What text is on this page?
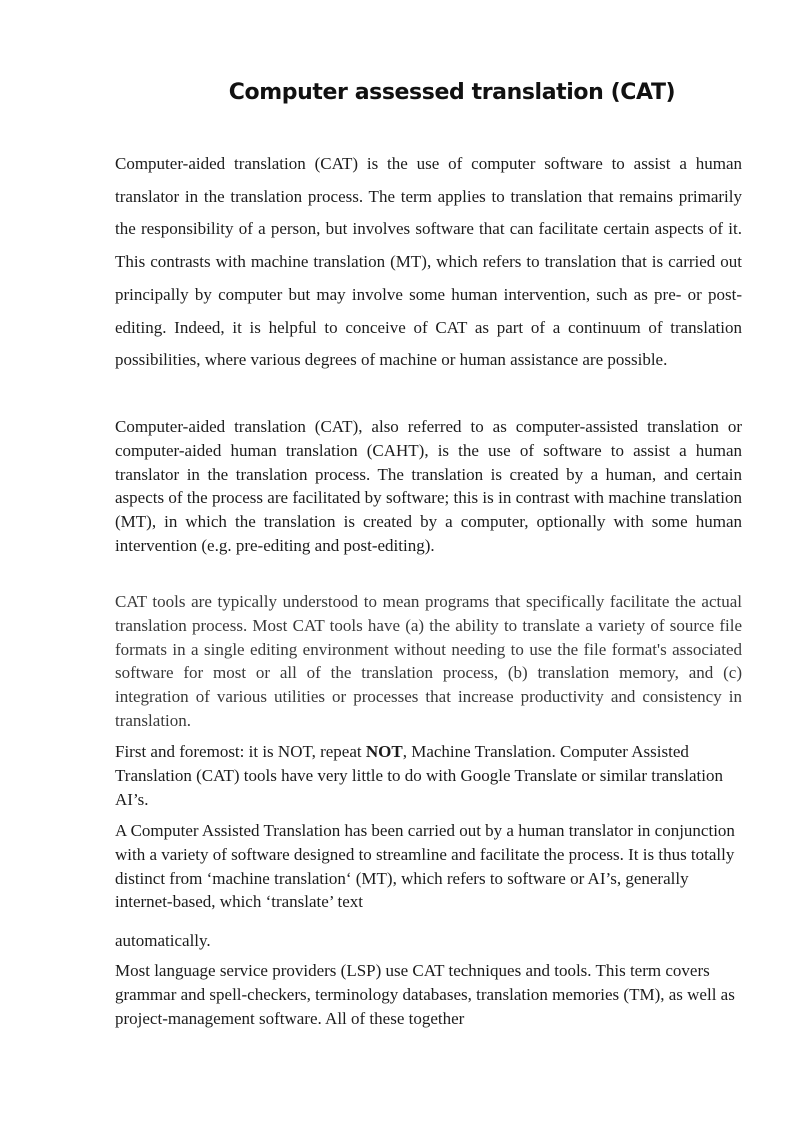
Computer assessed translation (CAT)

Computer-aided translation (CAT) is the use of computer software to assist a human translator in the translation process. The term applies to translation that remains primarily the responsibility of a person, but involves software that can facilitate certain aspects of it. This contrasts with machine translation (MT), which refers to translation that is carried out principally by computer but may involve some human intervention, such as pre- or post-editing. Indeed, it is helpful to conceive of CAT as part of a continuum of translation possibilities, where various degrees of machine or human assistance are possible.

Computer-aided translation (CAT), also referred to as computer-assisted translation or computer-aided human translation (CAHT), is the use of software to assist a human translator in the translation process. The translation is created by a human, and certain aspects of the process are facilitated by software; this is in contrast with machine translation (MT), in which the translation is created by a computer, optionally with some human intervention (e.g. pre-editing and post-editing).

CAT tools are typically understood to mean programs that specifically facilitate the actual translation process. Most CAT tools have (a) the ability to translate a variety of source file formats in a single editing environment without needing to use the file format's associated software for most or all of the translation process, (b) translation memory, and (c) integration of various utilities or processes that increase productivity and consistency in translation.

First and foremost: it is NOT, repeat NOT, Machine Translation. Computer Assisted Translation (CAT) tools have very little to do with Google Translate or similar translation AI’s.

A Computer Assisted Translation has been carried out by a human translator in conjunction with a variety of software designed to streamline and facilitate the process. It is thus totally distinct from ‘machine translation‘ (MT), which refers to software or AI’s, generally internet-based, which ‘translate’ text

automatically.

Most language service providers (LSP) use CAT techniques and tools. This term covers grammar and spell-checkers, terminology databases, translation memories (TM), as well as project-management software. All of these together
